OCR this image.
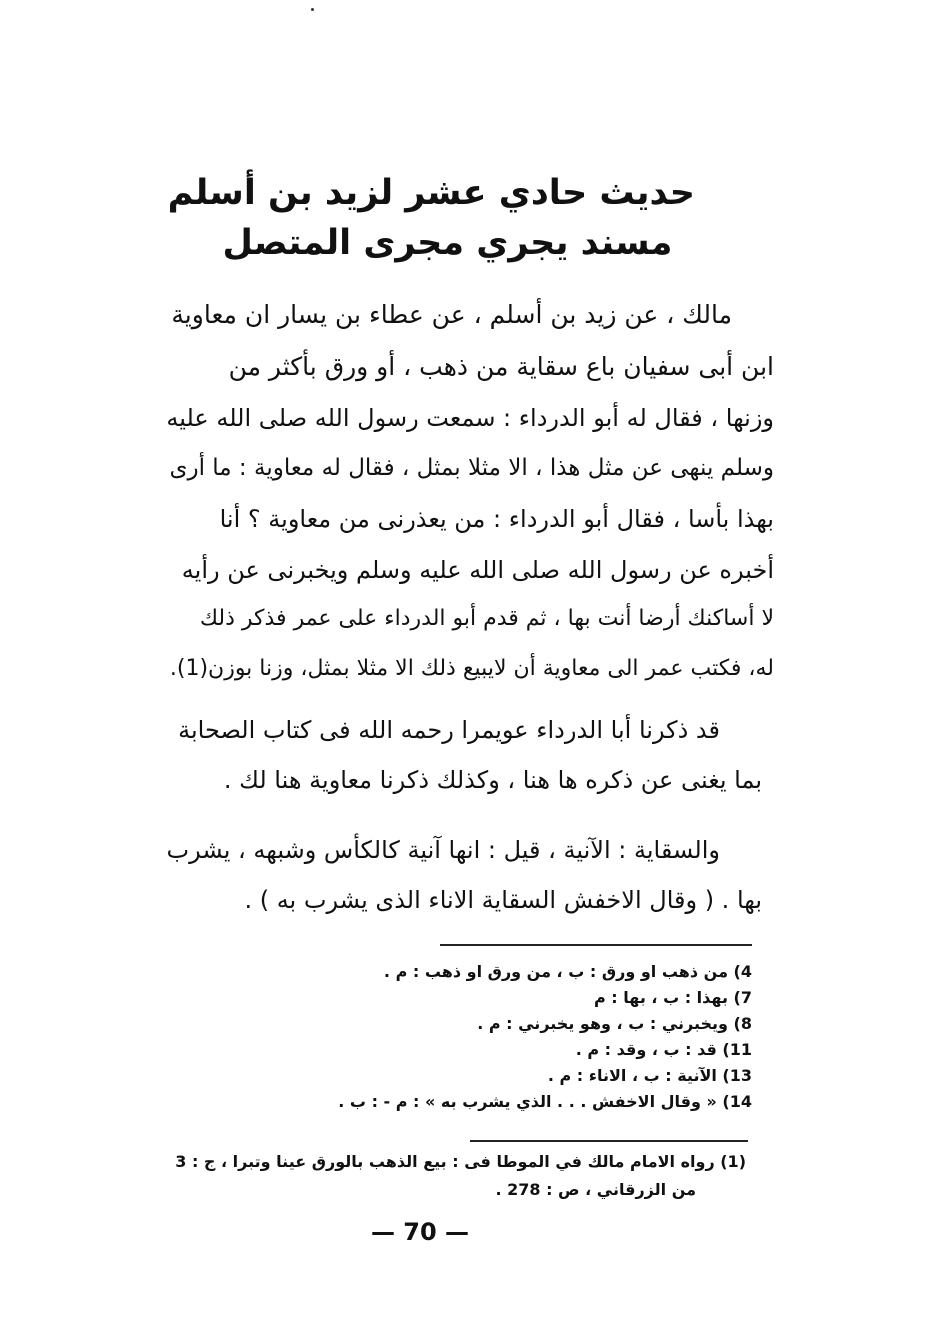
حديث حادي عشر لزيد بن أسلم
مسند يجري مجرى المتصل
مالك ، عن زيد بن أسلم ، عن عطاء بن يسار ان معاوية
ابن أبى سفيان باع سقاية من ذهب ، أو ورق بأكثر من
وزنها ، فقال له أبو الدرداء : سمعت رسول الله صلى الله عليه
وسلم ينهى عن مثل هذا ، الا مثلا بمثل ، فقال له معاوية : ما أرى
بهذا بأسا ، فقال أبو الدرداء : من يعذرنى من معاوية ؟ أنا
أخبره عن رسول الله صلى الله عليه وسلم ويخبرنى عن رأيه
لا أساكنك أرضا أنت بها ، ثم قدم أبو الدرداء على عمر فذكر ذلك
له، فكتب عمر الى معاوية أن لايبيع ذلك الا مثلا بمثل، وزنا بوزن(1).
قد ذكرنا أبا الدرداء عويمرا رحمه الله فى كتاب الصحابة
بما يغنى عن ذكره ها هنا ، وكذلك ذكرنا معاوية هنا لك .
والسقاية : الآنية ، قيل : انها آنية كالكأس وشبهه ، يشرب
بها . ( وقال الاخفش السقاية الاناء الذى يشرب به ) .
4) من ذهب او ورق : ب ، من ورق او ذهب : م .
7) بهذا : ب ، بها : م
8) ويخبرني : ب ، وهو يخبرني : م .
11) قد : ب ، وقد : م .
13) الآنية : ب ، الاناء : م .
14) « وقال الاخفش . . . الذي يشرب به » : م - : ب .
(1) رواه الامام مالك في الموطا فى : بيع الذهب بالورق عينا وتبرا ، ج : 3
من الزرقاني ، ص : 278 .
— 70 —
